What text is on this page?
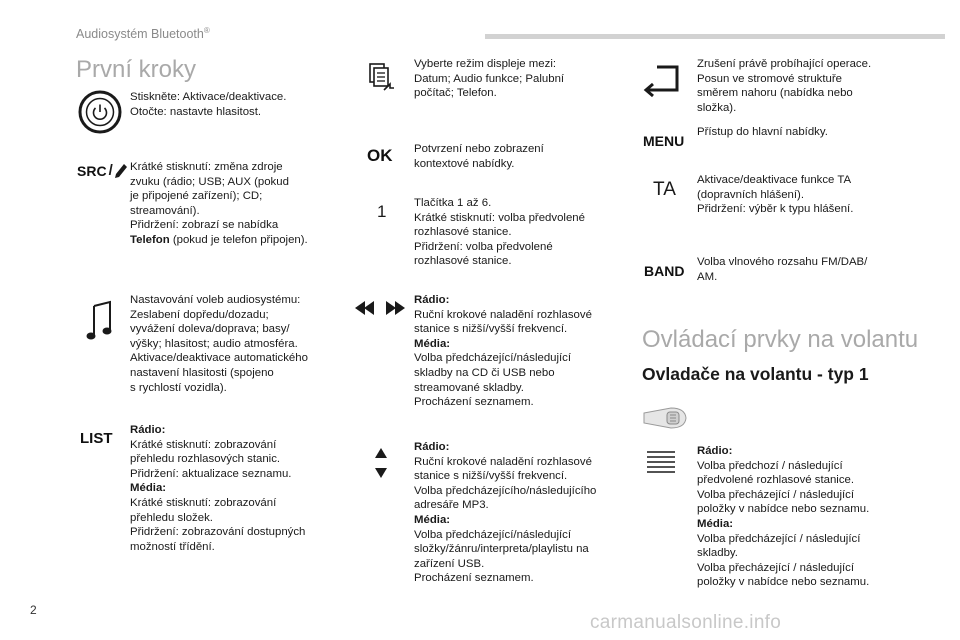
Audiosystém Bluetooth®
První kroky
Stiskněte: Aktivace/deaktivace.
Otočte: nastavte hlasitost.
SRC / Krátké stisknutí: změna zdroje
zvuku (rádio; USB; AUX (pokud
je připojené zařízení); CD;
streamování).
Přidržení: zobrazí se nabídka
Telefon (pokud je telefon připojen).
Nastavování voleb audiosystému:
Zeslabení dopředu/dozadu;
vyvážení doleva/doprava; basy/
výšky; hlasitost; audio atmosféra.
Aktivace/deaktivace automatického
nastavení hlasitosti (spojeno
s rychlostí vozidla).
LIST Rádio:
Krátké stisknutí: zobrazování
přehledu rozhlasových stanic.
Přidržení: aktualizace seznamu.
Média:
Krátké stisknutí: zobrazování
přehledu složek.
Přidržení: zobrazování dostupných
možností třídění.
Vyberte režim displeje mezi:
Datum; Audio funkce; Palubní
počítač; Telefon.
OK Potvrzení nebo zobrazení
kontextové nabídky.
1 Tlačítka 1 až 6.
Krátké stisknutí: volba předvolené
rozhlasové stanice.
Přidržení: volba předvolené
rozhlasové stanice.
Rádio:
Ruční krokové naladění rozhlasové
stanice s nižší/vyšší frekvencí.
Média:
Volba předcházející/následující
skladby na CD či USB nebo
streamované skladby.
Procházení seznamem.
Rádio:
Ruční krokové naladění rozhlasové
stanice s nižší/vyšší frekvencí.
Volba předcházejícího/následujícího
adresáře MP3.
Média:
Volba předcházející/následující
složky/žánru/interpreta/playlistu na
zařízení USB.
Procházení seznamem.
Zrušení právě probíhající operace.
Posun ve stromové struktuře
směrem nahoru (nabídka nebo
složka).
MENU
Přístup do hlavní nabídky.
TA Aktivace/deaktivace funkce TA
(dopravních hlášení).
Přidržení: výběr k typu hlášení.
BAND
Volba vlnového rozsahu FM/DAB/
AM.
Ovládací prvky na volantu
Ovladače na volantu - typ 1
Rádio:
Volba předchozí / následující
předvolené rozhlasové stanice.
Volba přecházející / následující
položky v nabídce nebo seznamu.
Média:
Volba předcházející / následující
skladby.
Volba přecházející / následující
položky v nabídce nebo seznamu.
2
carmanualsonline.info
